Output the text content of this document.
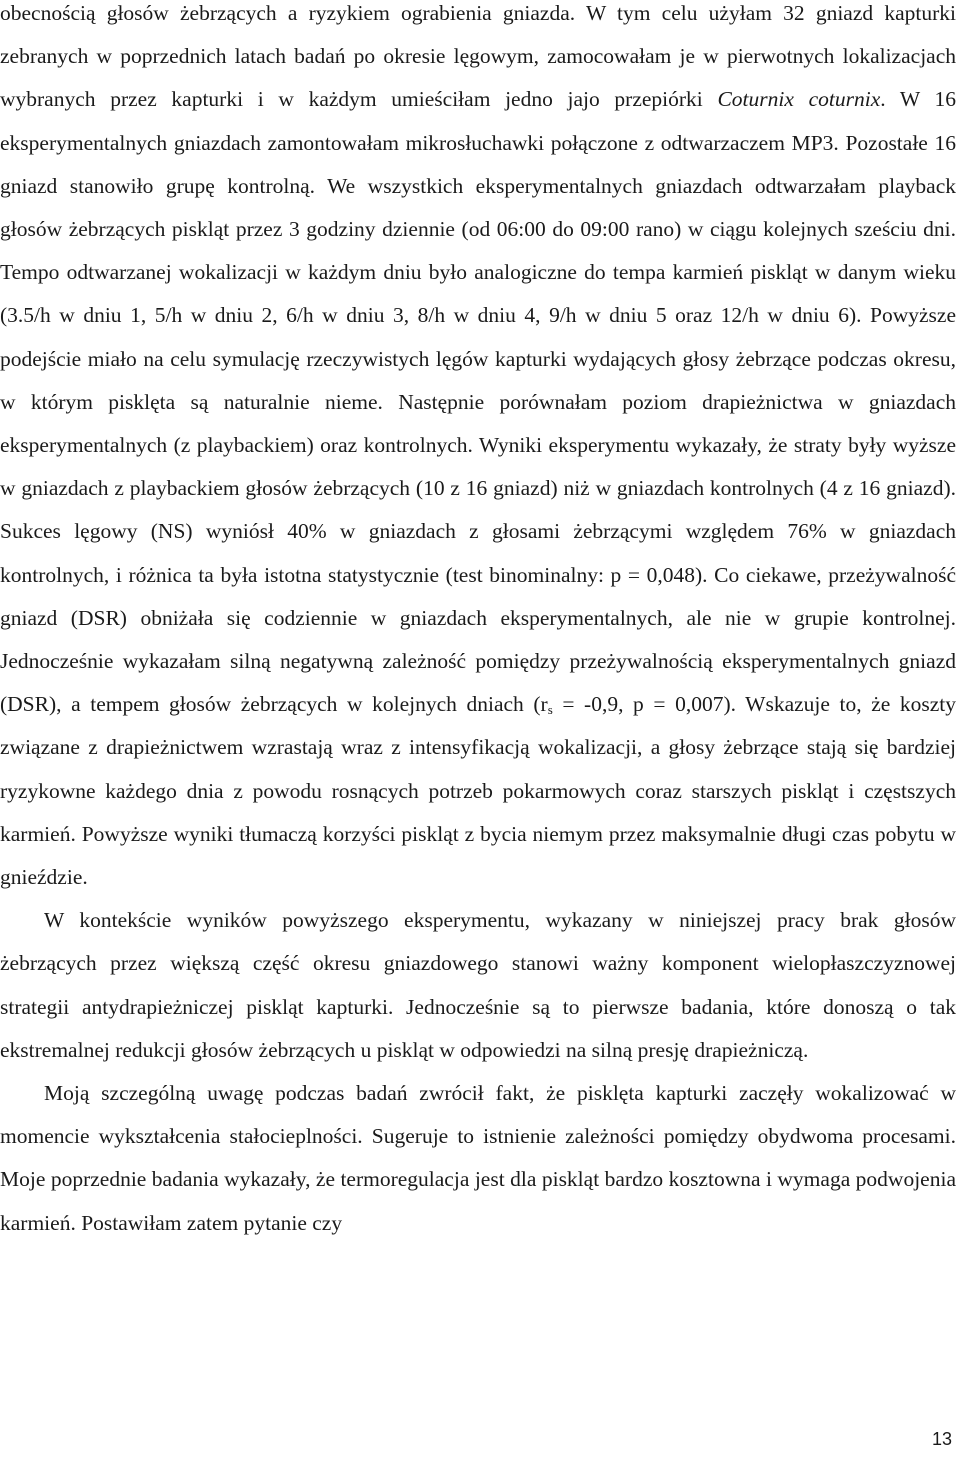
obecnością głosów żebrzących a ryzykiem ograbienia gniazda. W tym celu użyłam 32 gniazd kapturki zebranych w poprzednich latach badań po okresie lęgowym, zamocowałam je w pierwotnych lokalizacjach wybranych przez kapturki i w każdym umieściłam jedno jajo przepiórki Coturnix coturnix. W 16 eksperymentalnych gniazdach zamontowałam mikrosłuchawki połączone z odtwarzaczem MP3. Pozostałe 16 gniazd stanowiło grupę kontrolną. We wszystkich eksperymentalnych gniazdach odtwarzałam playback głosów żebrzących piskląt przez 3 godziny dziennie (od 06:00 do 09:00 rano) w ciągu kolejnych sześciu dni. Tempo odtwarzanej wokalizacji w każdym dniu było analogiczne do tempa karmień piskląt w danym wieku (3.5/h w dniu 1, 5/h w dniu 2, 6/h w dniu 3, 8/h w dniu 4, 9/h w dniu 5 oraz 12/h w dniu 6). Powyższe podejście miało na celu symulację rzeczywistych lęgów kapturki wydających głosy żebrzące podczas okresu, w którym pisklęta są naturalnie nieme. Następnie porównałam poziom drapieżnictwa w gniazdach eksperymentalnych (z playbackiem) oraz kontrolnych. Wyniki eksperymentu wykazały, że straty były wyższe w gniazdach z playbackiem głosów żebrzących (10 z 16 gniazd) niż w gniazdach kontrolnych (4 z 16 gniazd). Sukces lęgowy (NS) wyniósł 40% w gniazdach z głosami żebrzącymi względem 76% w gniazdach kontrolnych, i różnica ta była istotna statystycznie (test binominalny: p = 0,048). Co ciekawe, przeżywalność gniazd (DSR) obniżała się codziennie w gniazdach eksperymentalnych, ale nie w grupie kontrolnej. Jednocześnie wykazałam silną negatywną zależność pomiędzy przeżywalnością eksperymentalnych gniazd (DSR), a tempem głosów żebrzących w kolejnych dniach ($r_s = -0,9$, p = 0,007). Wskazuje to, że koszty związane z drapieżnictwem wzrastają wraz z intensyfikacją wokalizacji, a głosy żebrzące stają się bardziej ryzykowne każdego dnia z powodu rosnących potrzeb pokarmowych coraz starszych piskląt i częstszych karmień. Powyższe wyniki tłumaczą korzyści piskląt z bycia niemym przez maksymalnie długi czas pobytu w gnieździe.

W kontekście wyników powyższego eksperymentu, wykazany w niniejszej pracy brak głosów żebrzących przez większą część okresu gniazdowego stanowi ważny komponent wielopłaszczyznowej strategii antydrapieżniczej piskląt kapturki. Jednocześnie są to pierwsze badania, które donoszą o tak ekstremalnej redukcji głosów żebrzących u piskląt w odpowiedzi na silną presję drapieżniczą.

Moją szczególną uwagę podczas badań zwrócił fakt, że pisklęta kapturki zaczęły wokalizować w momencie wykształcenia stałocieplności. Sugeruje to istnienie zależności pomiędzy obydwoma procesami. Moje poprzednie badania wykazały, że termoregulacja jest dla piskląt bardzo kosztowna i wymaga podwojenia karmień. Postawiłam zatem pytanie czy

13
